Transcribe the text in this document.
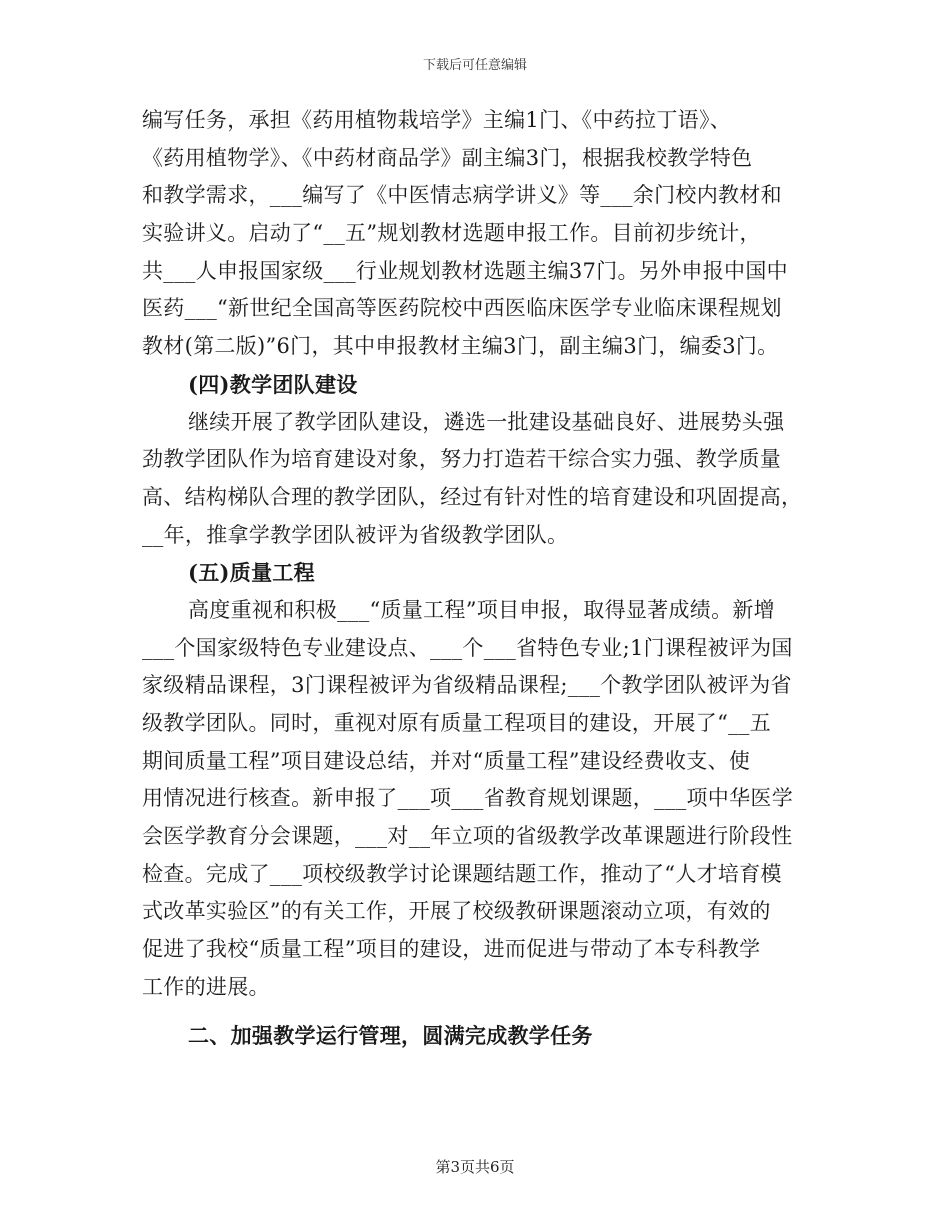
下载后可任意编辑
编写任务，承担《药用植物栽培学》主编1门、《中药拉丁语》、
《药用植物学》、《中药材商品学》副主编3门，根据我校教学特色
和教学需求，___编写了《中医情志病学讲义》等___余门校内教材和
实验讲义。启动了“__五”规划教材选题申报工作。目前初步统计，
共___人申报国家级___行业规划教材选题主编37门。另外申报中国中
医药___“新世纪全国高等医药院校中西医临床医学专业临床课程规划
教材(第二版)”6门，其中申报教材主编3门，副主编3门，编委3门。
(四)教学团队建设
继续开展了教学团队建设，遴选一批建设基础良好、进展势头强
劲教学团队作为培育建设对象，努力打造若干综合实力强、教学质量
高、结构梯队合理的教学团队，经过有针对性的培育建设和巩固提高，
__年，推拿学教学团队被评为省级教学团队。
(五)质量工程
高度重视和积极___“质量工程”项目申报，取得显著成绩。新增
___个国家级特色专业建设点、___个___省特色专业;1门课程被评为国
家级精品课程，3门课程被评为省级精品课程;___个教学团队被评为省
级教学团队。同时，重视对原有质量工程项目的建设，开展了“__五
期间质量工程”项目建设总结，并对“质量工程”建设经费收支、使
用情况进行核查。新申报了___项___省教育规划课题，___项中华医学
会医学教育分会课题，___对__年立项的省级教学改革课题进行阶段性
检查。完成了___项校级教学讨论课题结题工作，推动了“人才培育模
式改革实验区”的有关工作，开展了校级教研课题滚动立项，有效的
促进了我校“质量工程”项目的建设，进而促进与带动了本专科教学
工作的进展。
二、加强教学运行管理，圆满完成教学任务
第3页共6页
